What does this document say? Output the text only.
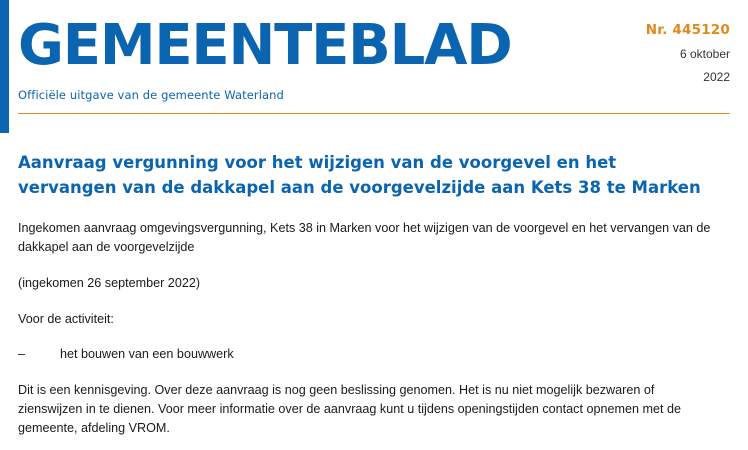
GEMEENTEBLAD	Nr. 445120
6 oktober
2022
Officiële uitgave van de gemeente Waterland
Aanvraag vergunning voor het wijzigen van de voorgevel en het vervangen van de dakkapel aan de voorgevelzijde aan Kets 38 te Marken

Ingekomen aanvraag omgevingsvergunning, Kets 38 in Marken voor het wijzigen van de voorgevel en het vervangen van de dakkapel aan de voorgevelzijde

(ingekomen 26 september 2022)

Voor de activiteit:

–	het bouwen van een bouwwerk

Dit is een kennisgeving. Over deze aanvraag is nog geen beslissing genomen. Het is nu niet mogelijk bezwaren of zienswijzen in te dienen. Voor meer informatie over de aanvraag kunt u tijdens openingstijden contact opnemen met de gemeente, afdeling VROM.
